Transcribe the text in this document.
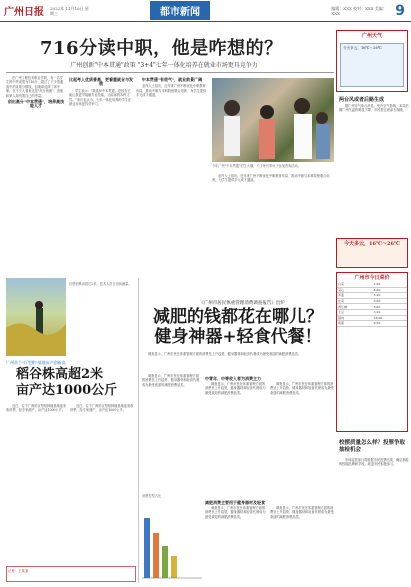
广州日报	2022年 11月16日 星期三	都市新闻	编辑：XXX 校对：XXX 美编：XXX	9
716分读中职，他是咋想的？
广州创新"中本贯通"政策 "3+4"七年一体化培养在就业市场更具竞争力

在广州工程技术职业学院，有一名学生的中考成绩为716分，超过了不少普通高中的录取分数线，但他却选择了读中职。在不少人看来这是"高分低就"，但他和家人却有着自己的考量。

创出高分"中本贯通"，培养高技能人才
比起考入优质普高，更看重就业与发展

学生表示："我选择中本贯通，是因为它能让我更早接触专业技能，又能拿到本科文凭。"家长也认为，七年一体化培养的学生在就业市场更具竞争力。

中本贯通"有底气"，就业前景广阔

业内人士指出，近年来广州不断优化中职教育布局，推动中职与本科院校联合培养，为学生提供多元成才通道。

今年广州"中本贯通"招生火爆，不少家长带孩子参加咨询活动。

业内人士指出，近年来广州不断优化中职教育布局，推动中职与本科院校联合培养，为学生提供多元成才通道。

广州天气
今天多云，16℃～26℃
两台风或者后路生成

据广州市气象台消息，受冷空气影响，本周后期广州气温将明显下降，市民需注意添衣保暖。

今天多云，16℃～26℃
广州市今日菜价
白菜	2.50
菜心	4.80
芥蓝	5.20
生菜	3.60
西红柿	6.00
土豆	3.20
猪肉	28.00
鸡蛋	9.50
校摆质量怎么样？投票争取抽检机会

市场监管部门将根据市民投票结果，确定抽检的校服品牌和学校，欢迎市民积极参与。

巨型稻株高超过2米，技术人员在田间测量。
广州首个"巨型稻"基地亩产创新高
稻谷株高超2米
亩产达1000公斤

近日，位于广州的巨型稻种植基地迎来收获季，经专家测产，亩产达1000公斤。

近日，位于广州的巨型稻种植基地迎来收获季，经专家测产，亩产达1000公斤。

记者：王某某
《广州市居民体重管理消费调查报告》出炉
减肥的钱都花在哪儿？
健身神器+轻食代餐！

调查显示，广州市民在体重管理方面的消费呈上升趋势，健身器材和轻食代餐成为最受欢迎的减肥消费品类。

调查显示，广州市民在体重管理方面的消费呈上升趋势，健身器材和轻食代餐成为最受欢迎的减肥消费品类。

中青年、中等收入者为消费主力

调查显示，广州市民在体重管理方面的消费呈上升趋势，健身器材和轻食代餐成为最受欢迎的减肥消费品类。

调查显示，广州市民在体重管理方面的消费呈上升趋势，健身器材和轻食代餐成为最受欢迎的减肥消费品类。

消费类型占比
减肥消费主要用于健身器材及轻食

调查显示，广州市民在体重管理方面的消费呈上升趋势，健身器材和轻食代餐成为最受欢迎的减肥消费品类。

调查显示，广州市民在体重管理方面的消费呈上升趋势，健身器材和轻食代餐成为最受欢迎的减肥消费品类。
